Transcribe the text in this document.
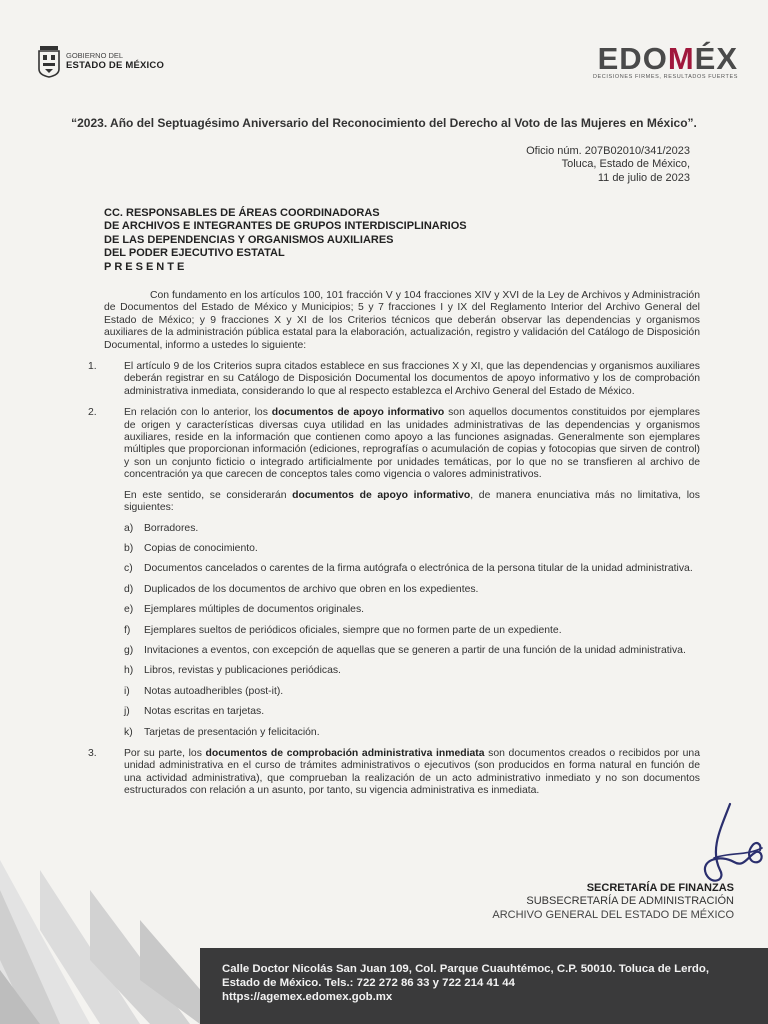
GOBIERNO DEL
ESTADO DE MÉXICO	EDOMÉX
DECISIONES FIRMES, RESULTADOS FUERTES
“2023. Año del Septuagésimo Aniversario del Reconocimiento del Derecho al Voto de las Mujeres en México”.
Oficio núm. 207B02010/341/2023
Toluca, Estado de México,
11 de julio de 2023
CC. RESPONSABLES DE ÁREAS COORDINADORAS
DE ARCHIVOS E INTEGRANTES DE GRUPOS INTERDISCIPLINARIOS
DE LAS DEPENDENCIAS Y ORGANISMOS AUXILIARES
DEL PODER EJECUTIVO ESTATAL
PRESENTE

Con fundamento en los artículos 100, 101 fracción V y 104 fracciones XIV y XVI de la Ley de Archivos y Administración de Documentos del Estado de México y Municipios; 5 y 7 fracciones I y IX del Reglamento Interior del Archivo General del Estado de México; y 9 fracciones X y XI de los Criterios técnicos que deberán observar las dependencias y organismos auxiliares de la administración pública estatal para la elaboración, actualización, registro y validación del Catálogo de Disposición Documental, informo a ustedes lo siguiente:

1.	El artículo 9 de los Criterios supra citados establece en sus fracciones X y XI, que las dependencias y organismos auxiliares deberán registrar en su Catálogo de Disposición Documental los documentos de apoyo informativo y los de comprobación administrativa inmediata, considerando lo que al respecto establezca el Archivo General del Estado de México.

2.	En relación con lo anterior, los documentos de apoyo informativo son aquellos documentos constituidos por ejemplares de origen y características diversas cuya utilidad en las unidades administrativas de las dependencias y organismos auxiliares, reside en la información que contienen como apoyo a las funciones asignadas. Generalmente son ejemplares múltiples que proporcionan información (ediciones, reprografías o acumulación de copias y fotocopias que sirven de control) y son un conjunto ficticio o integrado artificialmente por unidades temáticas, por lo que no se transfieren al archivo de concentración ya que carecen de conceptos tales como vigencia o valores administrativos.

En este sentido, se considerarán documentos de apoyo informativo, de manera enunciativa más no limitativa, los siguientes:

a) Borradores.

b) Copias de conocimiento.

c) Documentos cancelados o carentes de la firma autógrafa o electrónica de la persona titular de la unidad administrativa.

d) Duplicados de los documentos de archivo que obren en los expedientes.

e) Ejemplares múltiples de documentos originales.

f) Ejemplares sueltos de periódicos oficiales, siempre que no formen parte de un expediente.

g) Invitaciones a eventos, con excepción de aquellas que se generen a partir de una función de la unidad administrativa.

h) Libros, revistas y publicaciones periódicas.

i) Notas autoadheribles (post-it).

j) Notas escritas en tarjetas.

k) Tarjetas de presentación y felicitación.

3.	Por su parte, los documentos de comprobación administrativa inmediata son documentos creados o recibidos por una unidad administrativa en el curso de trámites administrativos o ejecutivos (son producidos en forma natural en función de una actividad administrativa), que comprueban la realización de un acto administrativo inmediato y no son documentos estructurados con relación a un asunto, por tanto, su vigencia administrativa es inmediata.

SECRETARÍA DE FINANZAS
SUBSECRETARÍA DE ADMINISTRACIÓN
ARCHIVO GENERAL DEL ESTADO DE MÉXICO
Calle Doctor Nicolás San Juan 109, Col. Parque Cuauhtémoc, C.P. 50010. Toluca de Lerdo,
Estado de México. Tels.: 722 272 86 33 y 722 214 41 44
https://agemex.edomex.gob.mx
